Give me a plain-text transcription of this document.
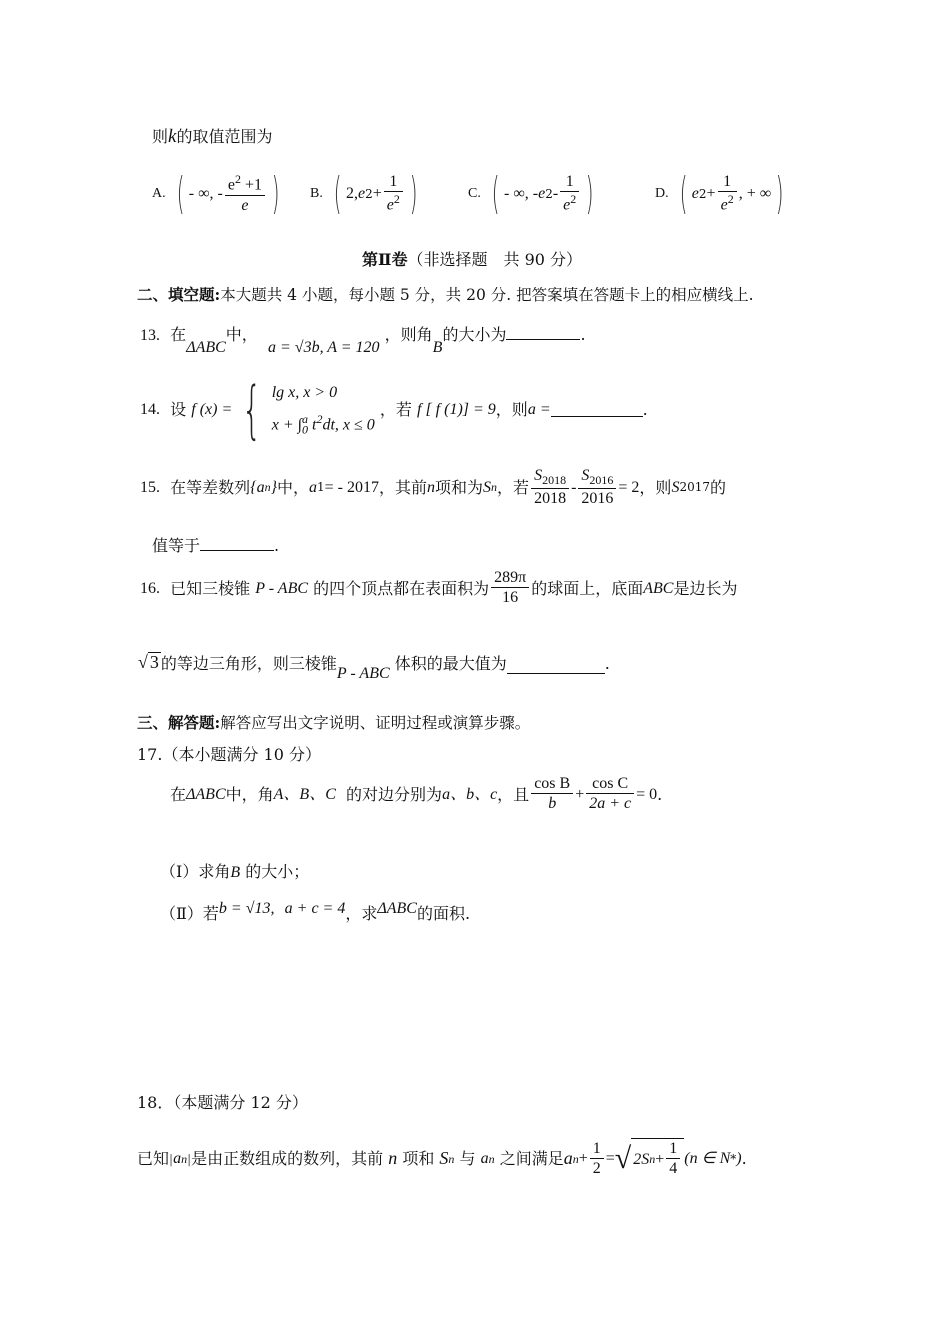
则k的取值范围为
A. ( - ∞, - $\frac{e^2 +1}{e}$ ) B. ( 2, e $2 + \frac{1}{e^2}$ )	C. ( - ∞, - e $2 - \frac{1}{e^2}$ )	D. ( e $2 + \frac{1}{e^2}$ , + ∞ )
第Ⅱ卷（非选择题　共 90 分）
二、填空题:本大题共 4 小题，每小题 5 分，共 20 分. 把答案填在答题卡上的相应横线上.
13. 在ΔABC中，  a = √3b, A = 120 ，则角B的大小为	.
14.
设
f (x) = { lg x, x > 0
$x + \int_0^a$ $t^2dt$, x ≤ 0

，若
f [ f (1)] = 9 ，则 a =	.
15.
在等差数列 {a n } 中， a 1 = - 2017 ，其前 n 项和为 S n ，若 $\frac{S_{2018}}{2018} - \frac{S_{2016}}{2016} = 2$ ，则 S 2017 的
值等于	.
16.
已知三棱锥
P - ABC
的四个顶点都在表面积为 $\frac{289\pi}{16}$ 的球面上，底面 ABC 是边长为
√ 3 的等边三角形，则三棱锥
P - ABC

体积的最大值为	.
三、解答题:解答应写出文字说明、证明过程或演算步骤。
17.（本小题满分 10 分）
在 ΔABC 中，角 A、B、C
的对边分别为 a、b、c ，且 $\frac{\text{cos B}}{b} + \frac{\text{cos C}}{2a + c} = 0$ .
（Ⅰ）求角B 的大小；
（Ⅱ）若b = √13, a + c = 4，求ΔABC的面积.
18．（本题满分 12 分）
已知 | a n | 是由正数组成的数列，其前
n
项和
S n
与
a n
之间满足 a $n + \frac{1}{2}$ = √ 2S $n + \frac{1}{4} (n$ ∈ N * ) .
